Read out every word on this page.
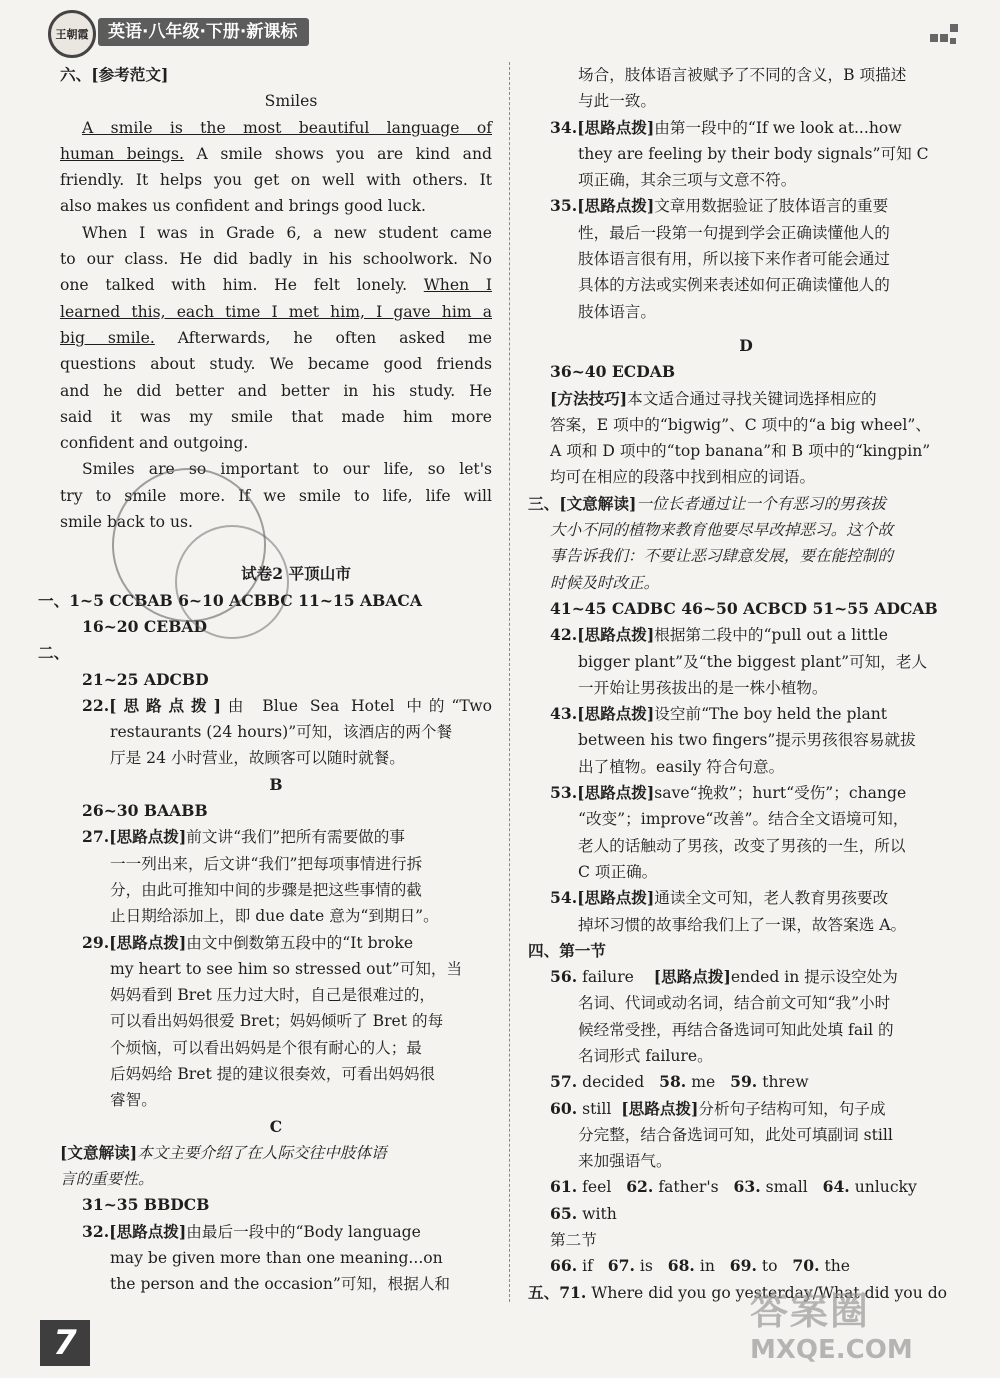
王朝霞	英语·八年级·下册·新课标
六、[参考范文]
Smiles
A smile is the most beautiful language of
human beings. A smile shows you are kind and
friendly. It helps you get on well with others. It
also makes us confident and brings good luck.
When I was in Grade 6, a new student came
to our class. He did badly in his schoolwork. No
one talked with him. He felt lonely. When I
learned this, each time I met him, I gave him a
big smile. Afterwards, he often asked me
questions about study. We became good friends
and he did better and better in his study. He
said it was my smile that made him more
confident and outgoing.
Smiles are so important to our life, so let's
try to smile more. If we smile to life, life will
smile back to us.
试卷2 平顶山市
一、1~5 CCBAB 6~10 ACBBC 11~15 ABACA
16~20 CEBAD
二、
21~25 ADCBD
22.[思路点拨]由 Blue Sea Hotel 中的“Two
restaurants (24 hours)”可知，该酒店的两个餐
厅是 24 小时营业，故顾客可以随时就餐。
B
26~30 BAABB
27.[思路点拨]前文讲“我们”把所有需要做的事
一一列出来，后文讲“我们”把每项事情进行拆
分，由此可推知中间的步骤是把这些事情的截
止日期给添加上，即 due date 意为“到期日”。
29.[思路点拨]由文中倒数第五段中的“It broke
my heart to see him so stressed out”可知，当
妈妈看到 Bret 压力过大时，自己是很难过的，
可以看出妈妈很爱 Bret；妈妈倾听了 Bret 的每
个烦恼，可以看出妈妈是个很有耐心的人；最
后妈妈给 Bret 提的建议很奏效，可看出妈妈很
睿智。
C
[文意解读]本文主要介绍了在人际交往中肢体语
言的重要性。
31~35 BBDCB
32.[思路点拨]由最后一段中的“Body language
may be given more than one meaning...on
the person and the occasion”可知，根据人和
场合，肢体语言被赋予了不同的含义，B 项描述
与此一致。
34.[思路点拨]由第一段中的“If we look at...how
they are feeling by their body signals”可知 C
项正确，其余三项与文意不符。
35.[思路点拨]文章用数据验证了肢体语言的重要
性，最后一段第一句提到学会正确读懂他人的
肢体语言很有用，所以接下来作者可能会通过
具体的方法或实例来表述如何正确读懂他人的
肢体语言。
D
36~40 ECDAB
[方法技巧]本文适合通过寻找关键词选择相应的
答案，E 项中的“bigwig”、C 项中的“a big wheel”、
A 项和 D 项中的“top banana”和 B 项中的“kingpin”
均可在相应的段落中找到相应的词语。
三、[文意解读]一位长者通过让一个有恶习的男孩拔
大小不同的植物来教育他要尽早改掉恶习。这个故
事告诉我们：不要让恶习肆意发展，要在能控制的
时候及时改正。
41~45 CADBC 46~50 ACBCD 51~55 ADCAB
42.[思路点拨]根据第二段中的“pull out a little
bigger plant”及“the biggest plant”可知，老人
一开始让男孩拔出的是一株小植物。
43.[思路点拨]设空前“The boy held the plant
between his two fingers”提示男孩很容易就拔
出了植物。easily 符合句意。
53.[思路点拨]save“挽救”；hurt“受伤”；change
“改变”；improve“改善”。结合全文语境可知，
老人的话触动了男孩，改变了男孩的一生，所以
C 项正确。
54.[思路点拨]通读全文可知，老人教育男孩要改
掉坏习惯的故事给我们上了一课，故答案选 A。
四、第一节
56. failure [思路点拨]ended in 提示设空处为
名词、代词或动名词，结合前文可知“我”小时
候经常受挫，再结合备选词可知此处填 fail 的
名词形式 failure。
57. decided 58. me 59. threw
60. still [思路点拨]分析句子结构可知，句子成
分完整，结合备选词可知，此处可填副词 still
来加强语气。
61. feel 62. father's 63. small 64. unlucky
65. with
第二节
66. if 67. is 68. in 69. to 70. the
五、71. Where did you go yesterday/What did you do
7
答案圈
MXQE.COM
